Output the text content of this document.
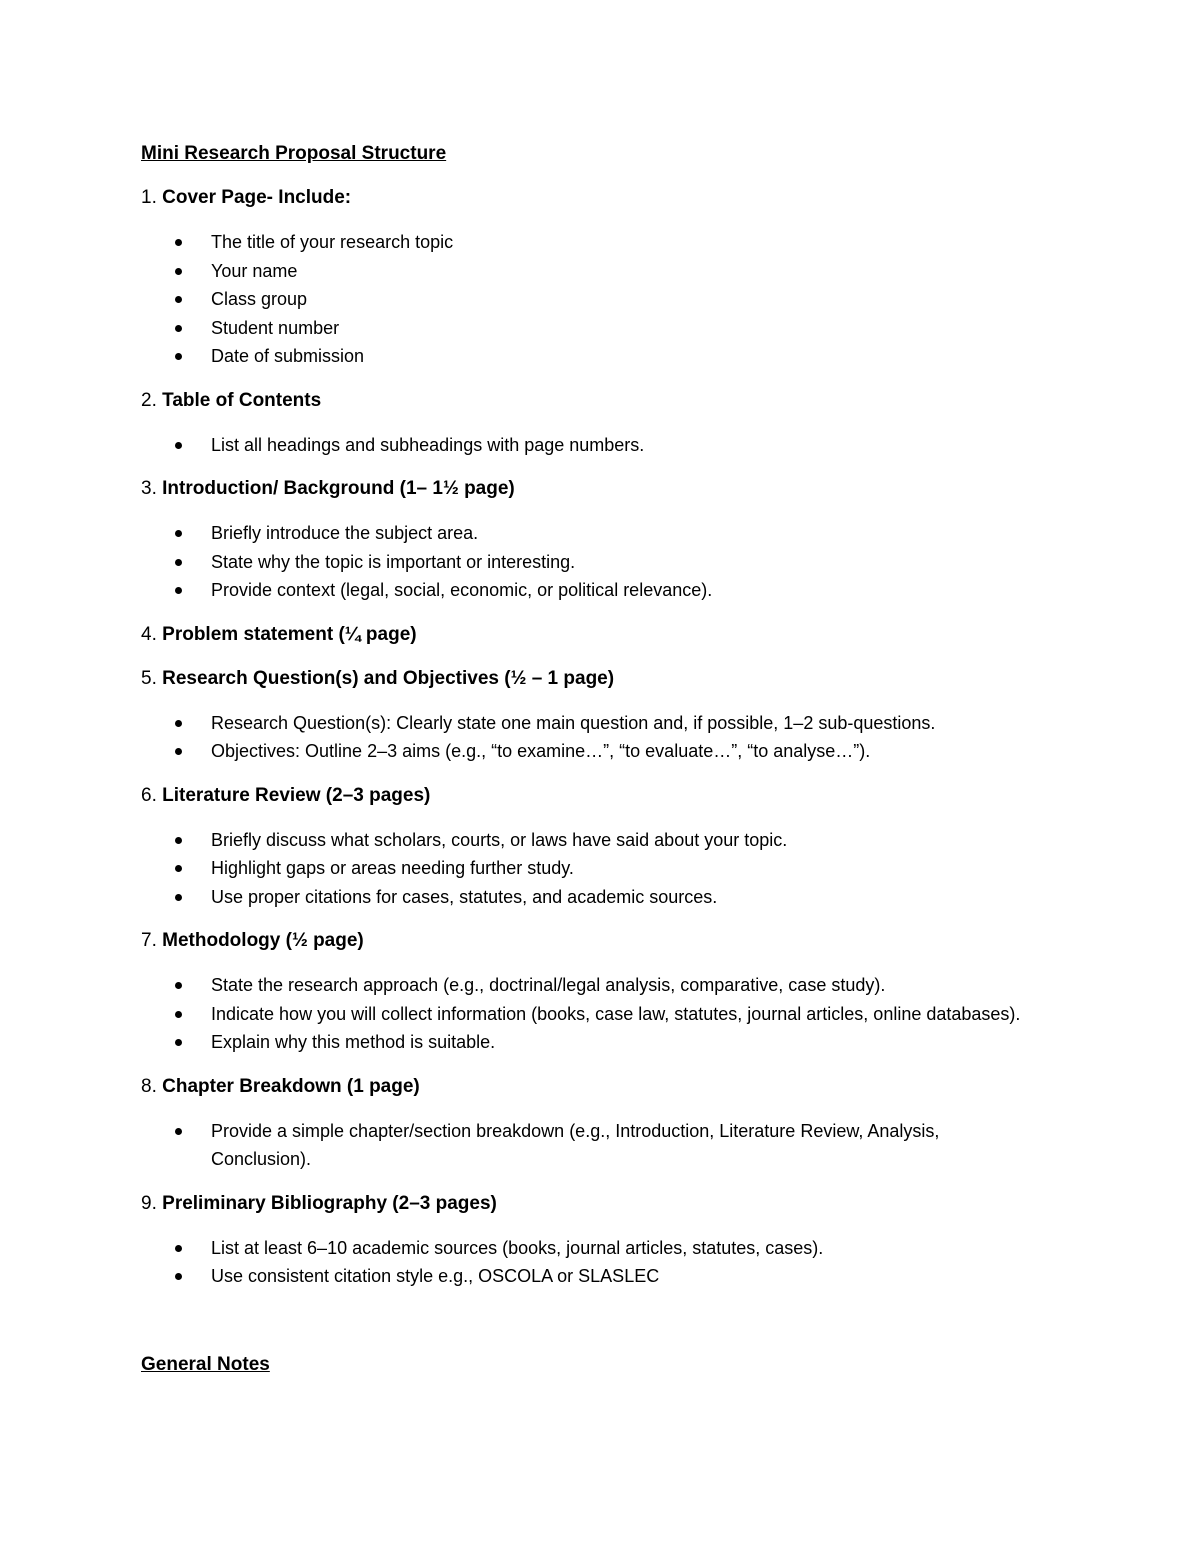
Mini Research Proposal Structure

1. Cover Page- Include:

The title of your research topic
Your name
Class group
Student number
Date of submission

2. Table of Contents

List all headings and subheadings with page numbers.

3. Introduction/ Background (1– 1½ page)

Briefly introduce the subject area.
State why the topic is important or interesting.
Provide context (legal, social, economic, or political relevance).

4. Problem statement (¼ page)

5. Research Question(s) and Objectives (½ – 1 page)

Research Question(s): Clearly state one main question and, if possible, 1–2 sub-questions.
Objectives: Outline 2–3 aims (e.g., “to examine…”, “to evaluate…”, “to analyse…”).

6. Literature Review (2–3 pages)

Briefly discuss what scholars, courts, or laws have said about your topic.
Highlight gaps or areas needing further study.
Use proper citations for cases, statutes, and academic sources.

7. Methodology (½ page)

State the research approach (e.g., doctrinal/legal analysis, comparative, case study).
Indicate how you will collect information (books, case law, statutes, journal articles, online databases).
Explain why this method is suitable.

8. Chapter Breakdown (1 page)

Provide a simple chapter/section breakdown (e.g., Introduction, Literature Review, Analysis, Conclusion).

9. Preliminary Bibliography (2–3 pages)

List at least 6–10 academic sources (books, journal articles, statutes, cases).
Use consistent citation style e.g., OSCOLA or SLASLEC

General Notes
